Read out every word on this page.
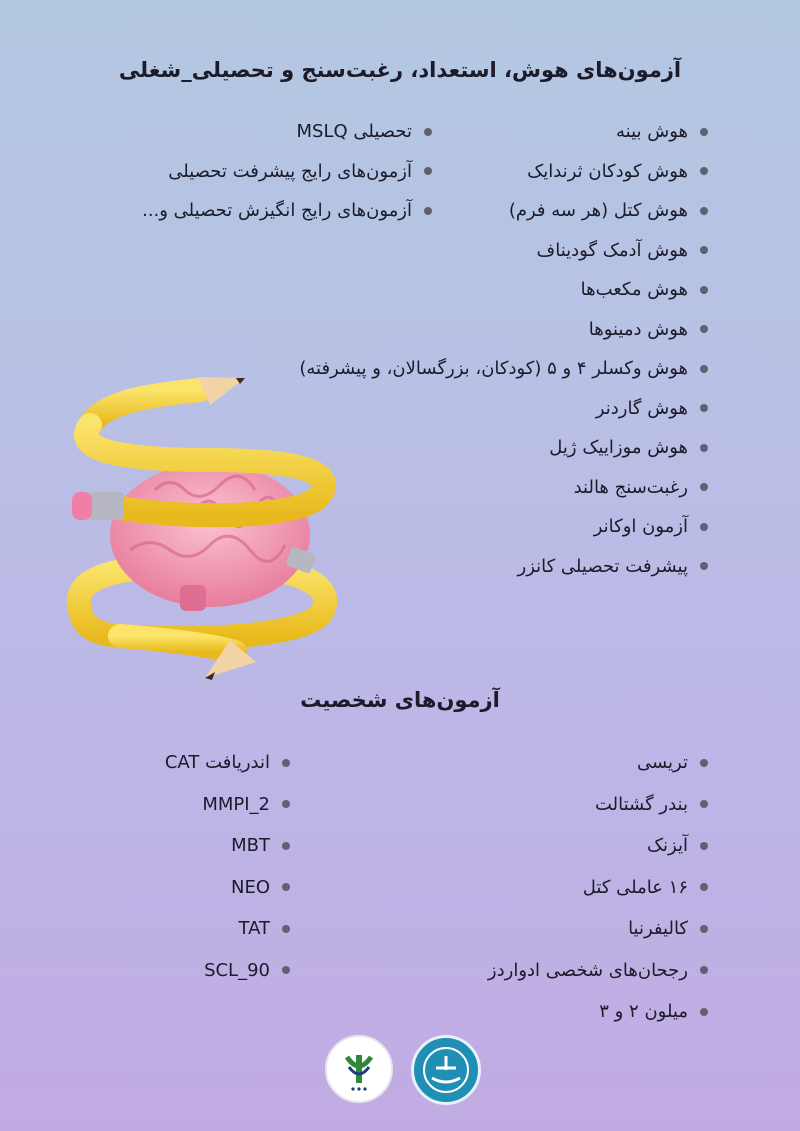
آزمون‌های هوش، استعداد، رغبت‌سنج و تحصیلی_شغلی
هوش بینه
هوش کودکان ثرندایک
هوش کتل (هر سه فرم)
هوش آدمک گودیناف
هوش مکعب‌ها
هوش دمینوها
هوش وکسلر ۴ و ۵ (کودکان، بزرگسالان، و پیشرفته)
هوش گاردنر
هوش موزاییک ژیل
رغبت‌سنج هالند
آزمون اوکانر
پیشرفت تحصیلی کانزر
تحصیلی MSLQ
آزمون‌های رایج پیشرفت تحصیلی
آزمون‌های رایج انگیزش تحصیلی و...
آزمون‌های شخصیت
تریسی
بندر گشتالت
آیزنک
۱۶ عاملی کتل
کالیفرنیا
رجحان‌های شخصی ادواردز
میلون ۲ و ۳
اندریافت CAT
MMPI_2
MBT
NEO
TAT
SCL_90
